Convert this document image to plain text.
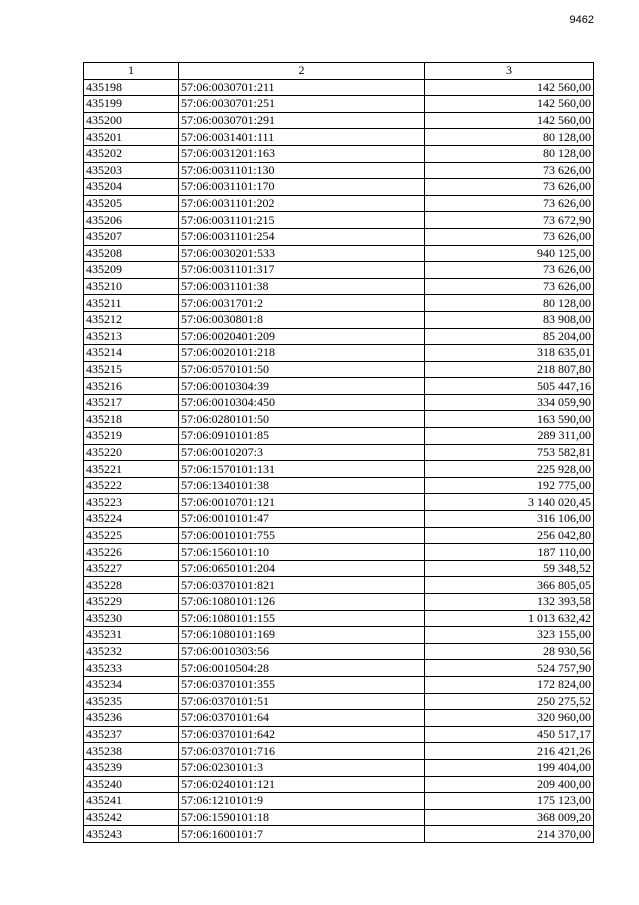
9462
1	2	3
435198	57:06:0030701:211	142 560,00
435199	57:06:0030701:251	142 560,00
435200	57:06:0030701:291	142 560,00
435201	57:06:0031401:111	80 128,00
435202	57:06:0031201:163	80 128,00
435203	57:06:0031101:130	73 626,00
435204	57:06:0031101:170	73 626,00
435205	57:06:0031101:202	73 626,00
435206	57:06:0031101:215	73 672,90
435207	57:06:0031101:254	73 626,00
435208	57:06:0030201:533	940 125,00
435209	57:06:0031101:317	73 626,00
435210	57:06:0031101:38	73 626,00
435211	57:06:0031701:2	80 128,00
435212	57:06:0030801:8	83 908,00
435213	57:06:0020401:209	85 204,00
435214	57:06:0020101:218	318 635,01
435215	57:06:0570101:50	218 807,80
435216	57:06:0010304:39	505 447,16
435217	57:06:0010304:450	334 059,90
435218	57:06:0280101:50	163 590,00
435219	57:06:0910101:85	289 311,00
435220	57:06:0010207:3	753 582,81
435221	57:06:1570101:131	225 928,00
435222	57:06:1340101:38	192 775,00
435223	57:06:0010701:121	3 140 020,45
435224	57:06:0010101:47	316 106,00
435225	57:06:0010101:755	256 042,80
435226	57:06:1560101:10	187 110,00
435227	57:06:0650101:204	59 348,52
435228	57:06:0370101:821	366 805,05
435229	57:06:1080101:126	132 393,58
435230	57:06:1080101:155	1 013 632,42
435231	57:06:1080101:169	323 155,00
435232	57:06:0010303:56	28 930,56
435233	57:06:0010504:28	524 757,90
435234	57:06:0370101:355	172 824,00
435235	57:06:0370101:51	250 275,52
435236	57:06:0370101:64	320 960,00
435237	57:06:0370101:642	450 517,17
435238	57:06:0370101:716	216 421,26
435239	57:06:0230101:3	199 404,00
435240	57:06:0240101:121	209 400,00
435241	57:06:1210101:9	175 123,00
435242	57:06:1590101:18	368 009,20
435243	57:06:1600101:7	214 370,00
